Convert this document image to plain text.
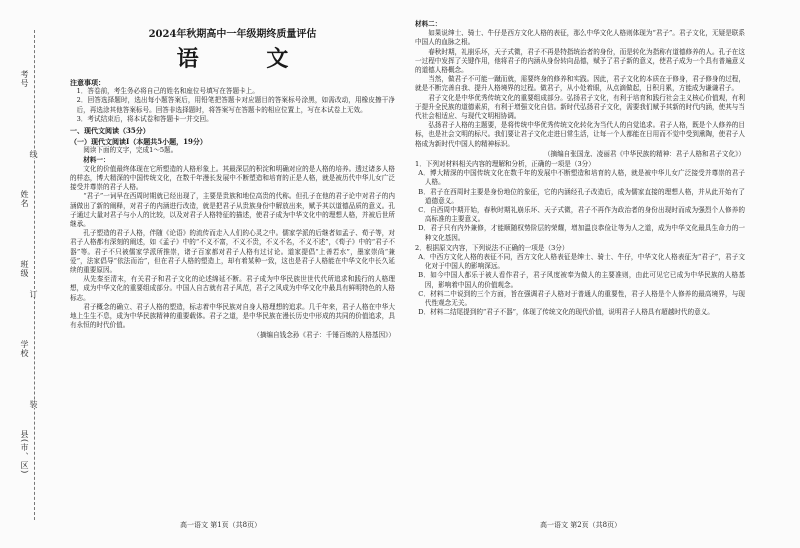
考号
姓名
班级
学校
县(市、区)
线
订
装
2024年秋期高中一年级期终质量评估
语 文
注意事项：
1．答卷前，考生务必将自己的姓名和座位号填写在答题卡上。
2．回答选择题时，选出每小题答案后，用铅笔把答题卡对应题目的答案标号涂黑，如需改动，用橡皮擦干净后，再选涂其他答案标号。回答非选择题时，将答案写在答题卡的相应位置上，写在本试卷上无效。
3．考试结束后，将本试卷和答题卡一并交回。
一、现代文阅读（35分）
（一）现代文阅读Ⅰ（本题共5小题，19分）
阅读下面的文字，完成1～5题。
材料一：
文化的价值最终体现在它所塑造的人格形象上。其最深层的积淀和明确对应的是人格的培养。透过诸多人格的样态，博大精深的中国传统文化，在数千年漫长发展中不断塑造和培育的正是人格，就是被历代中华儿女广泛接受并尊崇的君子人格。
“君子”一词早在西周时期就已经出现了，主要是贵族和地位高贵的代称。但孔子在他的君子论中对君子的内涵做出了新的阐释，对君子的内涵进行改造，就是把君子从贵族身份中解放出来，赋予其以道德品质的意义。孔子通过大量对君子与小人的比较，以及对君子人格特征的描述，使君子成为中华文化中的理想人格，并被后世所继承。
孔子塑造的君子人格，伴随《论语》的流传而走入人们的心灵之中。儒家学派的后继者如孟子、荀子等，对君子人格都有深刻的阐述，如《孟子》中的“不义不富，不义不贵，不义不名，不义不述”，《荀子》中的“君子不器”等。君子不只被儒家学派所推崇，诸子百家都对君子人格有过讨论。道家提倡“上善若水”，墨家崇尚“兼爱”，法家倡导“依法而治”，但在君子人格的塑造上，却有着某种一致，这也是君子人格能在中华文化中长久延续的重要原因。
从先秦至清末，有关君子和君子文化的论述绵延不断。君子成为中华民族世世代代所追求和践行的人格理想，成为中华文化的重要组成部分。中国人自古就有君子风范，君子之风成为中华文化中最具有鲜明特色的人格标志。
君子概念的确立、君子人格的塑造，标志着中华民族对自身人格理想的追求。几千年来，君子人格在中华大地上生生不息，成为中华民族精神的重要载体。君子之道，是中华民族在漫长历史中形成的共同的价值追求，具有永恒的时代价值。
（摘编自钱念孙《君子：千锤百炼的人格基因》）
材料二：
如果说绅士、骑士、牛仔是西方文化人格的表征，那么中华文化人格则体现为“君子”。君子文化，无疑是联系中国人的血脉之根。
春秋时期，礼崩乐坏，天子式微，君子不再是特指统治者的身份，而是转化为指称有道德修养的人。孔子在这一过程中发挥了关键作用，他将君子的内涵从身份转向品德，赋予了君子新的意义，使君子成为一个具有普遍意义的道德人格概念。
当然，做君子不可能一蹴而就，需要终身的修养和实践。因此，君子文化的本质在于修身，君子修身的过程，就是不断完善自我、提升人格境界的过程。做君子，从小处着眼，从点滴做起，日积月累，方能成为谦谦君子。
君子文化是中华优秀传统文化的重要组成部分。弘扬君子文化，有利于培育和践行社会主义核心价值观，有利于提升全民族的道德素质，有利于增强文化自信。新时代弘扬君子文化，需要我们赋予其新的时代内涵，使其与当代社会相适应、与现代文明相协调。
弘扬君子人格的主题要，是将传统中华优秀传统文化转化为当代人的自觉追求。君子人格，既是个人修养的目标，也是社会文明的标尺。我们要让君子文化走进日常生活，让每一个人都能在日用而不觉中受到熏陶，使君子人格成为新时代中国人的精神标识。
（摘编自张国龙、凌丽君《中华民族的精神：君子人格和君子文化》）
1．下列对材料相关内容的理解和分析，正确的一项是（3分）
A．博大精深的中国传统文化在数千年的发展中不断塑造和培育的人格，就是被中华儿女广泛接受并尊崇的君子人格。
B．君子在西周时主要是身份地位的象征，它的内涵经孔子改造后，成为儒家直接的理想人格，并从此开始有了道德意义。
C．自西周中期开始，春秋时期礼崩乐坏、天子式微，君子不再作为政治者的身份出现时而成为强烈个人修养的高标准的主要意义。
D．君子只有内外兼修，才能顺随权势阶层的荣耀，增加温良恭俭让等为人之道，成为中华文化最具生命力的一种文化基因。
2．根据原文内容，下列说法不正确的一项是（3分）
A．中西方文化人格的表征不同，西方文化人格表征是绅士、骑士、牛仔，中华文化人格表征为“君子”，君子文化对于中国人的影响深远。
B．如今中国人都乐于被人看作君子，君子风度被奉为做人的主要准则，由此可见它已成为中华民族的人格基因，影响着中国人的价值观念。
C．材料二中说到的三个方面，旨在强调君子人格对于普通人的重要性，君子人格是个人修养的最高境界，与现代性观念无关。
D．材料二结尾提到的“君子不器”，体现了传统文化的现代价值，说明君子人格具有超越时代的意义。
高一语文 第1页（共8页）	高一语文 第2页（共8页）
